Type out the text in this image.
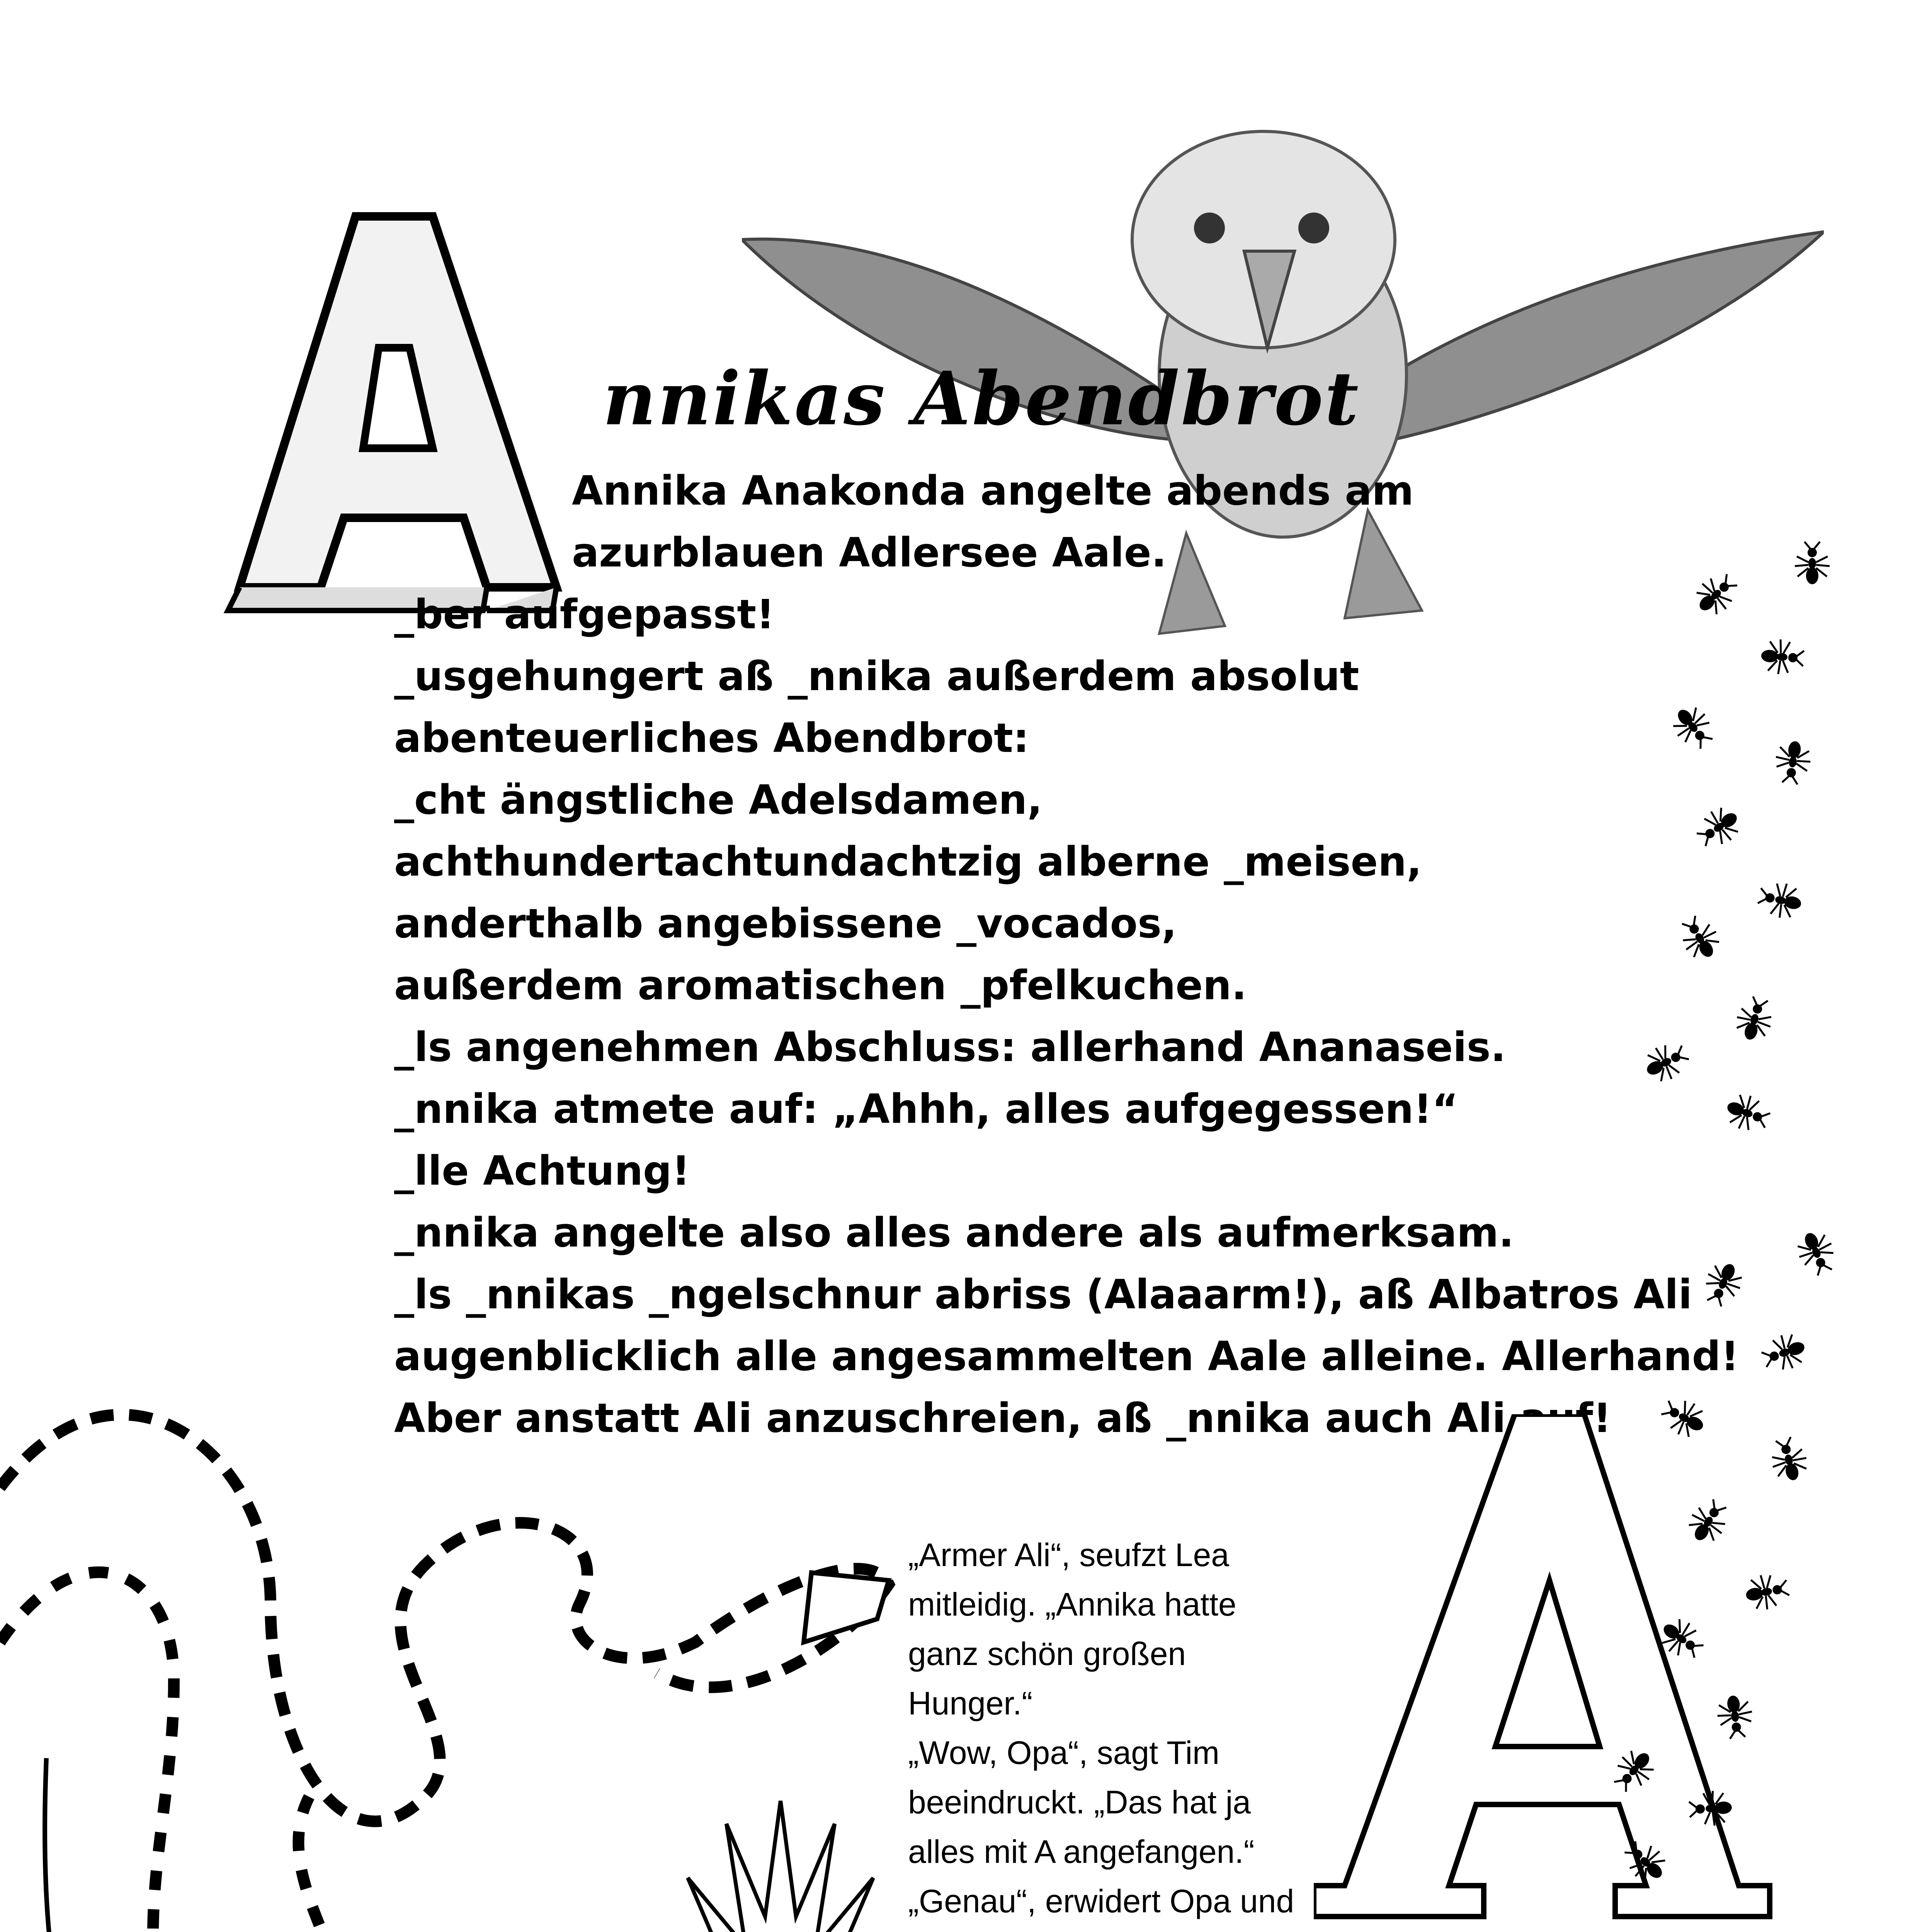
nnikas Abendbrot
Annika Anakonda angelte abends am
azurblauen Adlersee Aale.
_ber aufgepasst!
_usgehungert aß _nnika außerdem absolut
abenteuerliches Abendbrot:
_cht ängstliche Adelsdamen,
achthundertachtundachtzig alberne _meisen,
anderthalb angebissene _vocados,
außerdem aromatischen _pfelkuchen.
_ls angenehmen Abschluss: allerhand Ananaseis.
_nnika atmete auf: „Ahhh, alles aufgegessen!“
_lle Achtung!
_nnika angelte also alles andere als aufmerksam.
_ls _nnikas _ngelschnur abriss (Alaaarm!), aß Albatros Ali
augenblicklich alle angesammelten Aale alleine. Allerhand!
Aber anstatt Ali anzuschreien, aß _nnika auch Ali auf!
„Armer Ali“, seufzt Lea
mitleidig. „Annika hatte
ganz schön großen
Hunger.“
„Wow, Opa“, sagt Tim
beeindruckt. „Das hat ja
alles mit A angefangen.“
„Genau“, erwidert Opa und
